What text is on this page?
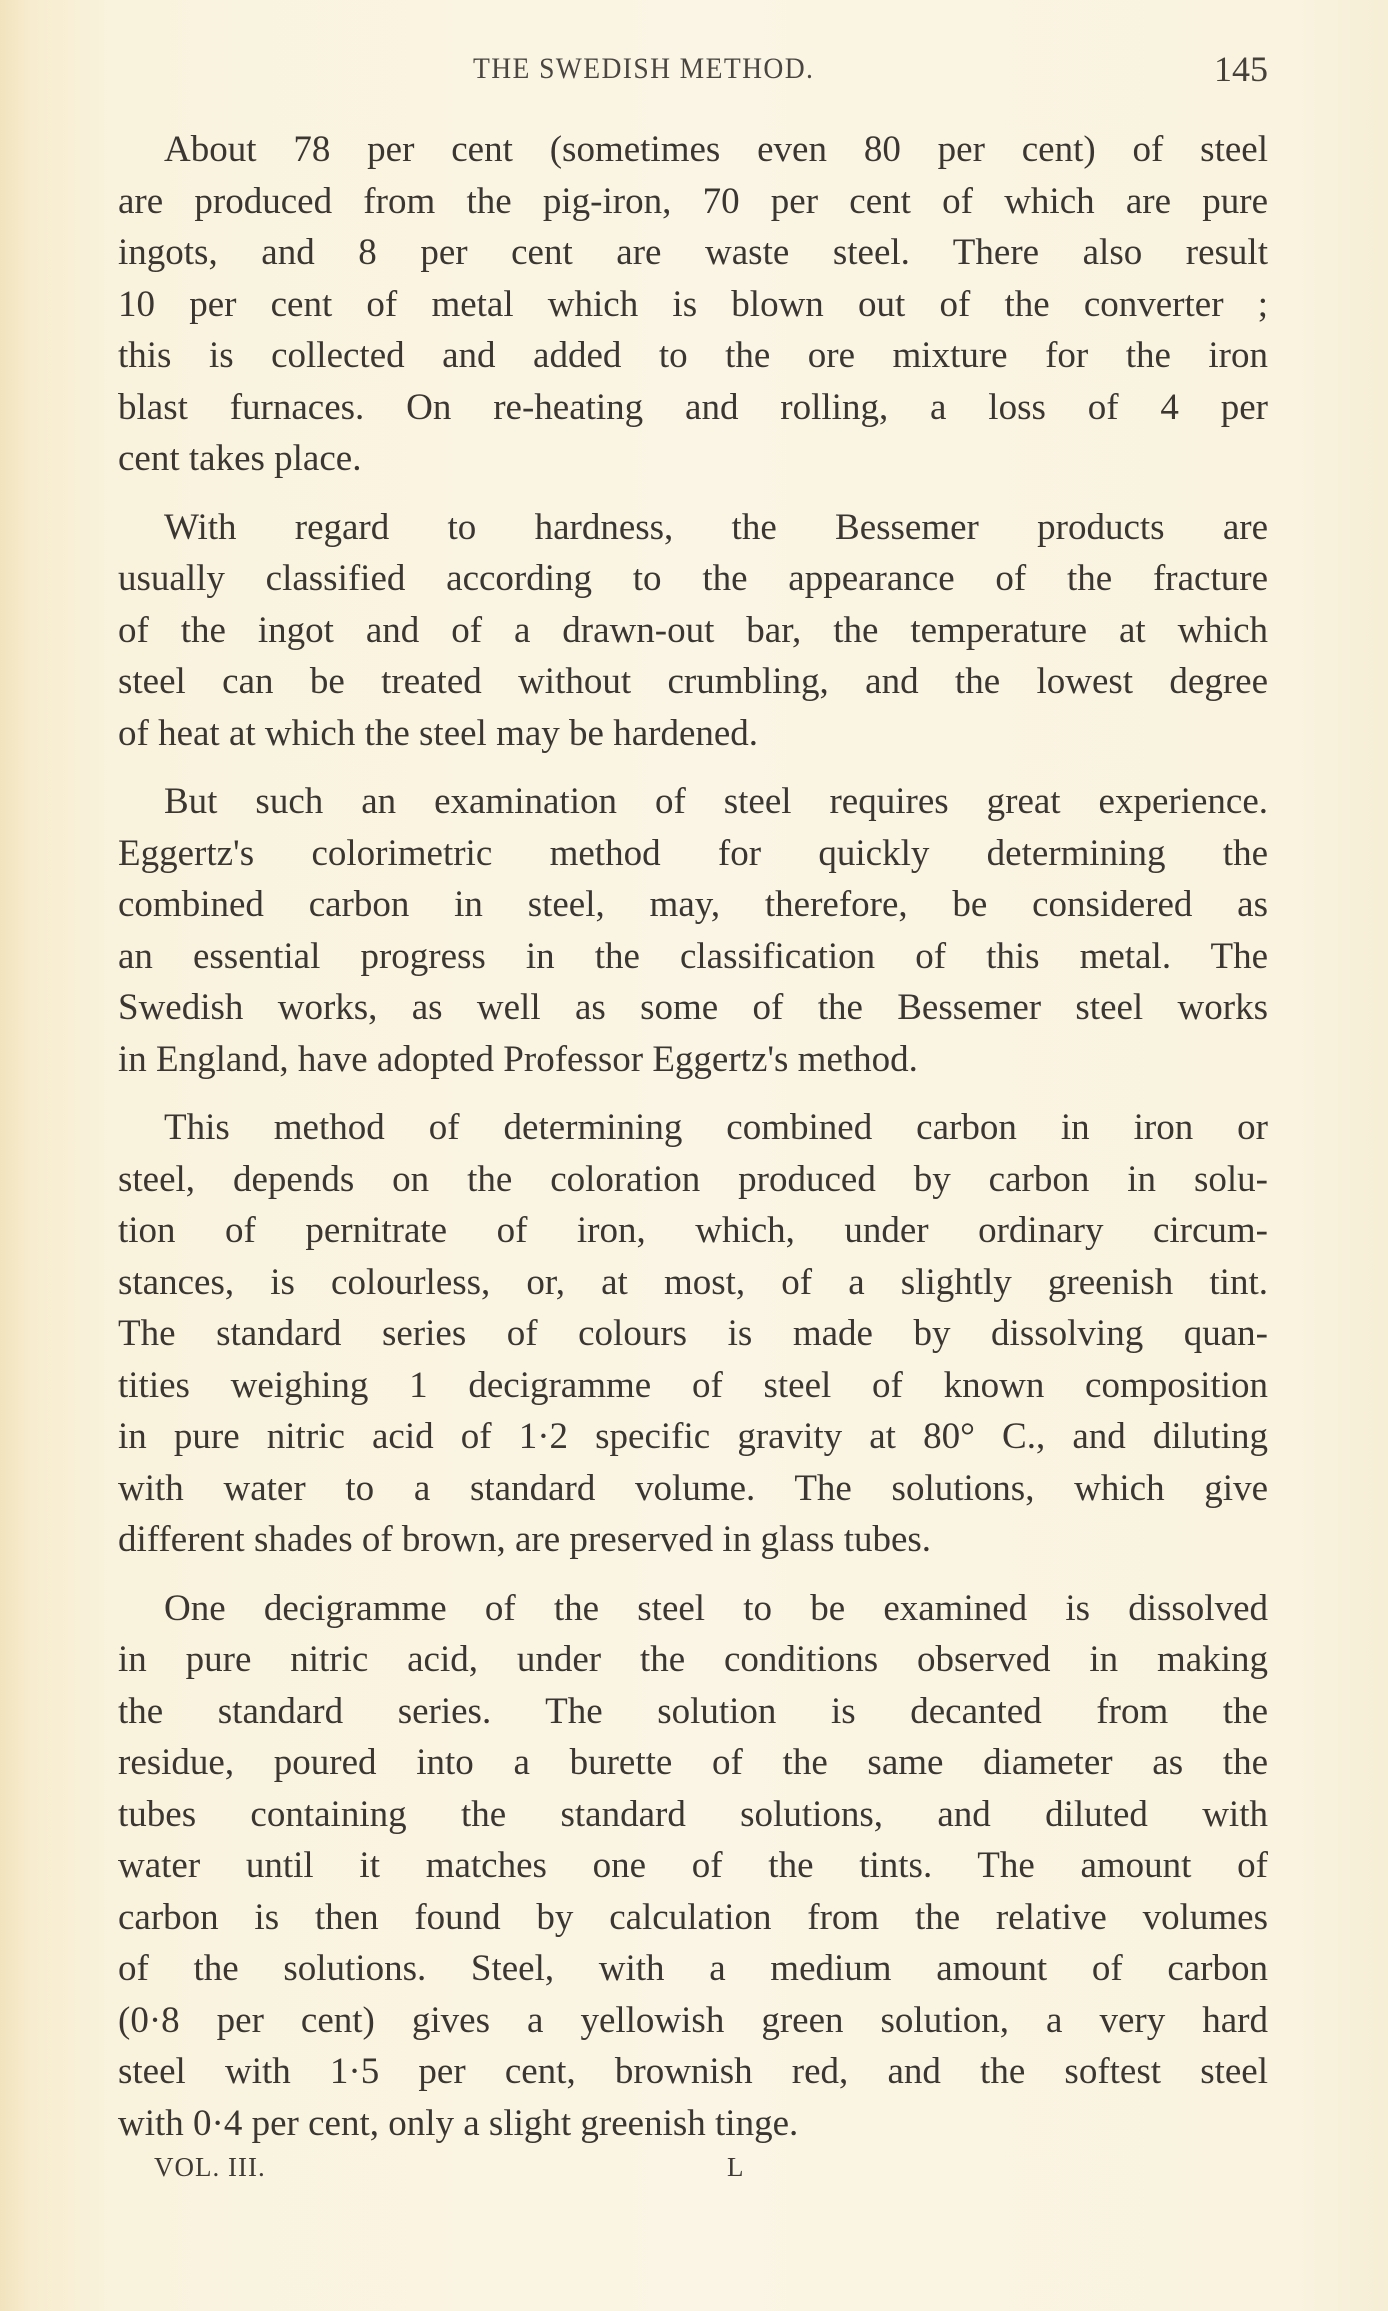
THE SWEDISH METHOD.	145
About 78 per cent (sometimes even 80 per cent) of steel
are produced from the pig-iron, 70 per cent of which are pure
ingots, and 8 per cent are waste steel. There also result
10 per cent of metal which is blown out of the converter ;
this is collected and added to the ore mixture for the iron
blast furnaces. On re-heating and rolling, a loss of 4 per
cent takes place.
With regard to hardness, the Bessemer products are
usually classified according to the appearance of the fracture
of the ingot and of a drawn-out bar, the temperature at which
steel can be treated without crumbling, and the lowest degree
of heat at which the steel may be hardened.
But such an examination of steel requires great experience.
Eggertz's colorimetric method for quickly determining the
combined carbon in steel, may, therefore, be considered as
an essential progress in the classification of this metal. The
Swedish works, as well as some of the Bessemer steel works
in England, have adopted Professor Eggertz's method.
This method of determining combined carbon in iron or
steel, depends on the coloration produced by carbon in solu-
tion of pernitrate of iron, which, under ordinary circum-
stances, is colourless, or, at most, of a slightly greenish tint.
The standard series of colours is made by dissolving quan-
tities weighing 1 decigramme of steel of known composition
in pure nitric acid of 1·2 specific gravity at 80° C., and diluting
with water to a standard volume. The solutions, which give
different shades of brown, are preserved in glass tubes.
One decigramme of the steel to be examined is dissolved
in pure nitric acid, under the conditions observed in making
the standard series. The solution is decanted from the
residue, poured into a burette of the same diameter as the
tubes containing the standard solutions, and diluted with
water until it matches one of the tints. The amount of
carbon is then found by calculation from the relative volumes
of the solutions. Steel, with a medium amount of carbon
(0·8 per cent) gives a yellowish green solution, a very hard
steel with 1·5 per cent, brownish red, and the softest steel
with 0·4 per cent, only a slight greenish tinge.
VOL. III.	L
